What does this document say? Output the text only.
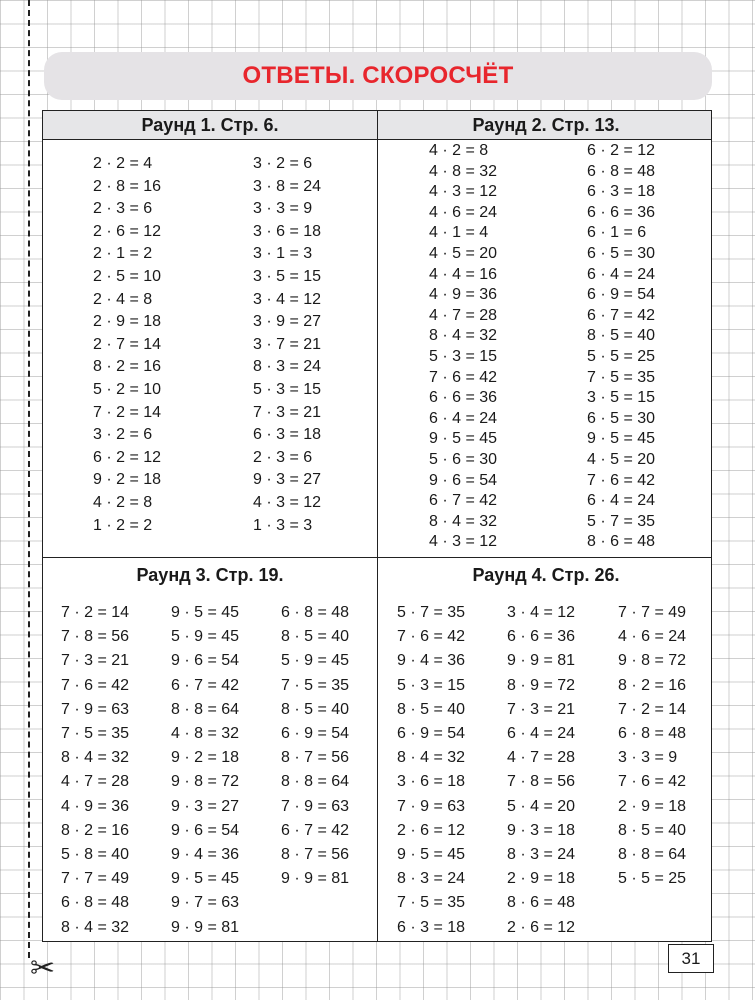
✂
ОТВЕТЫ. СКОРОСЧЁТ
Раунд 1. Стр. 6.	Раунд 2. Стр. 13.
Раунд 3. Стр. 19.	Раунд 4. Стр. 26.
2 · 2 = 4
2 · 8 = 16
2 · 3 = 6
2 · 6 = 12
2 · 1 = 2
2 · 5 = 10
2 · 4 = 8
2 · 9 = 18
2 · 7 = 14
8 · 2 = 16
5 · 2 = 10
7 · 2 = 14
3 · 2 = 6
6 · 2 = 12
9 · 2 = 18
4 · 2 = 8
1 · 2 = 2
3 · 2 = 6
3 · 8 = 24
3 · 3 = 9
3 · 6 = 18
3 · 1 = 3
3 · 5 = 15
3 · 4 = 12
3 · 9 = 27
3 · 7 = 21
8 · 3 = 24
5 · 3 = 15
7 · 3 = 21
6 · 3 = 18
2 · 3 = 6
9 · 3 = 27
4 · 3 = 12
1 · 3 = 3
4 · 2 = 8
4 · 8 = 32
4 · 3 = 12
4 · 6 = 24
4 · 1 = 4
4 · 5 = 20
4 · 4 = 16
4 · 9 = 36
4 · 7 = 28
8 · 4 = 32
5 · 3 = 15
7 · 6 = 42
6 · 6 = 36
6 · 4 = 24
9 · 5 = 45
5 · 6 = 30
9 · 6 = 54
6 · 7 = 42
8 · 4 = 32
4 · 3 = 12
6 · 2 = 12
6 · 8 = 48
6 · 3 = 18
6 · 6 = 36
6 · 1 = 6
6 · 5 = 30
6 · 4 = 24
6 · 9 = 54
6 · 7 = 42
8 · 5 = 40
5 · 5 = 25
7 · 5 = 35
3 · 5 = 15
6 · 5 = 30
9 · 5 = 45
4 · 5 = 20
7 · 6 = 42
6 · 4 = 24
5 · 7 = 35
8 · 6 = 48
7 · 2 = 14
7 · 8 = 56
7 · 3 = 21
7 · 6 = 42
7 · 9 = 63
7 · 5 = 35
8 · 4 = 32
4 · 7 = 28
4 · 9 = 36
8 · 2 = 16
5 · 8 = 40
7 · 7 = 49
6 · 8 = 48
8 · 4 = 32
9 · 5 = 45
5 · 9 = 45
9 · 6 = 54
6 · 7 = 42
8 · 8 = 64
4 · 8 = 32
9 · 2 = 18
9 · 8 = 72
9 · 3 = 27
9 · 6 = 54
9 · 4 = 36
9 · 5 = 45
9 · 7 = 63
9 · 9 = 81
6 · 8 = 48
8 · 5 = 40
5 · 9 = 45
7 · 5 = 35
8 · 5 = 40
6 · 9 = 54
8 · 7 = 56
8 · 8 = 64
7 · 9 = 63
6 · 7 = 42
8 · 7 = 56
9 · 9 = 81
5 · 7 = 35
7 · 6 = 42
9 · 4 = 36
5 · 3 = 15
8 · 5 = 40
6 · 9 = 54
8 · 4 = 32
3 · 6 = 18
7 · 9 = 63
2 · 6 = 12
9 · 5 = 45
8 · 3 = 24
7 · 5 = 35
6 · 3 = 18
3 · 4 = 12
6 · 6 = 36
9 · 9 = 81
8 · 9 = 72
7 · 3 = 21
6 · 4 = 24
4 · 7 = 28
7 · 8 = 56
5 · 4 = 20
9 · 3 = 18
8 · 3 = 24
2 · 9 = 18
8 · 6 = 48
2 · 6 = 12
7 · 7 = 49
4 · 6 = 24
9 · 8 = 72
8 · 2 = 16
7 · 2 = 14
6 · 8 = 48
3 · 3 = 9
7 · 6 = 42
2 · 9 = 18
8 · 5 = 40
8 · 8 = 64
5 · 5 = 25
31
